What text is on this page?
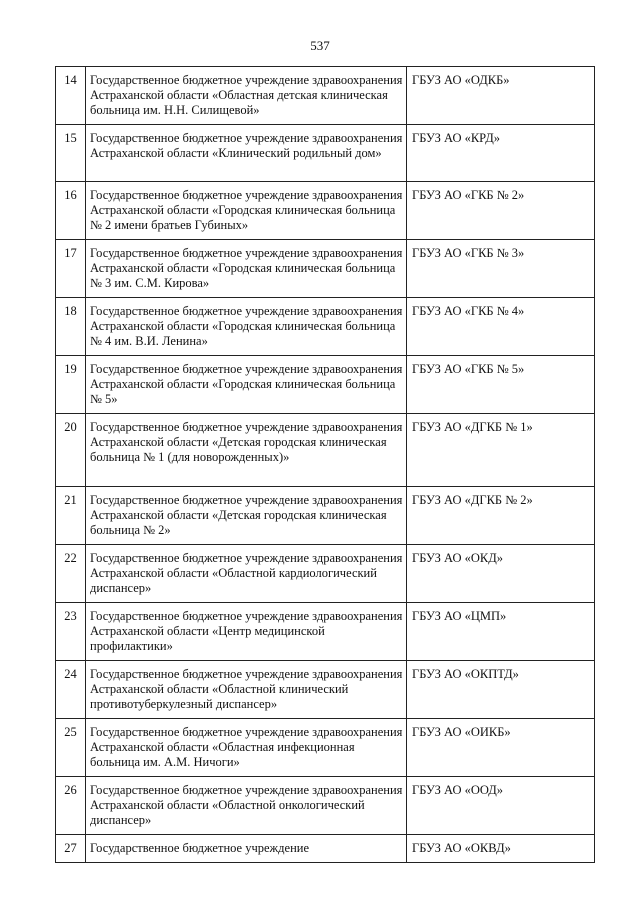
537
14	Государственное бюджетное учреждение здравоохранения Астраханской области «Областная детская клиническая больница им. Н.Н. Силищевой»	ГБУЗ АО «ОДКБ»
15	Государственное бюджетное учреждение здравоохранения Астраханской области «Клинический родильный дом»	ГБУЗ АО «КРД»
16	Государственное бюджетное учреждение здравоохранения Астраханской области «Городская клиническая больница № 2 имени братьев Губиных»	ГБУЗ АО «ГКБ № 2»
17	Государственное бюджетное учреждение здравоохранения Астраханской области «Городская клиническая больница № 3 им. С.М. Кирова»	ГБУЗ АО «ГКБ № 3»
18	Государственное бюджетное учреждение здравоохранения Астраханской области «Городская клиническая больница № 4 им. В.И. Ленина»	ГБУЗ АО «ГКБ № 4»
19	Государственное бюджетное учреждение здравоохранения Астраханской области «Городская клиническая больница № 5»	ГБУЗ АО «ГКБ № 5»
20	Государственное бюджетное учреждение здравоохранения Астраханской области «Детская городская клиническая больница № 1 (для новорожденных)»	ГБУЗ АО «ДГКБ № 1»
21	Государственное бюджетное учреждение здравоохранения Астраханской области «Детская городская клиническая больница № 2»	ГБУЗ АО «ДГКБ № 2»
22	Государственное бюджетное учреждение здравоохранения Астраханской области «Областной кардиологический диспансер»	ГБУЗ АО «ОКД»
23	Государственное бюджетное учреждение здравоохранения Астраханской области «Центр медицинской профилактики»	ГБУЗ АО «ЦМП»
24	Государственное бюджетное учреждение здравоохранения Астраханской области «Областной клинический противотуберкулезный диспансер»	ГБУЗ АО «ОКПТД»
25	Государственное бюджетное учреждение здравоохранения Астраханской области «Областная инфекционная больница им. А.М. Ничоги»	ГБУЗ АО «ОИКБ»
26	Государственное бюджетное учреждение здравоохранения Астраханской области «Областной онкологический диспансер»	ГБУЗ АО «ООД»
27	Государственное бюджетное учреждение	ГБУЗ АО «ОКВД»
